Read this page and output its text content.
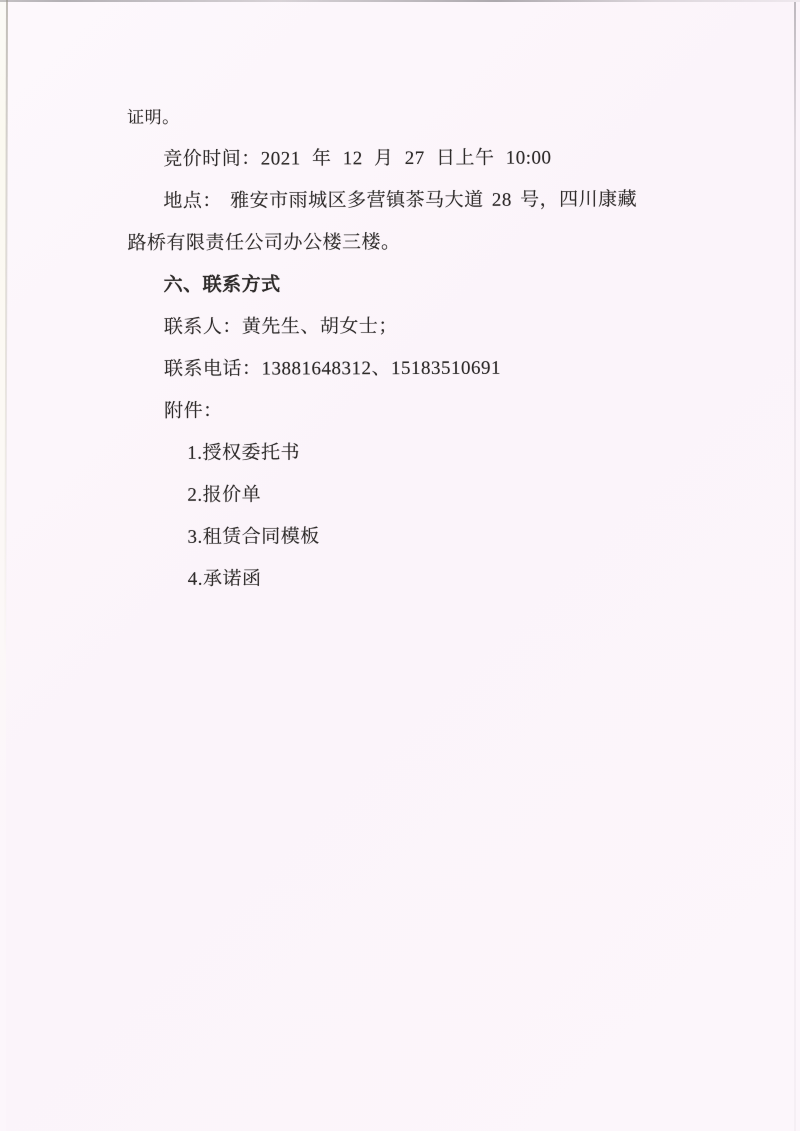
证明。
竞价时间：2021 年 12 月 27 日上午 10:00
地点： 雅安市雨城区多营镇茶马大道 28 号，四川康藏
路桥有限责任公司办公楼三楼。
六、联系方式
联系人：黄先生、胡女士；
联系电话：13881648312、15183510691
附件：
1.授权委托书
2.报价单
3.租赁合同模板
4.承诺函
